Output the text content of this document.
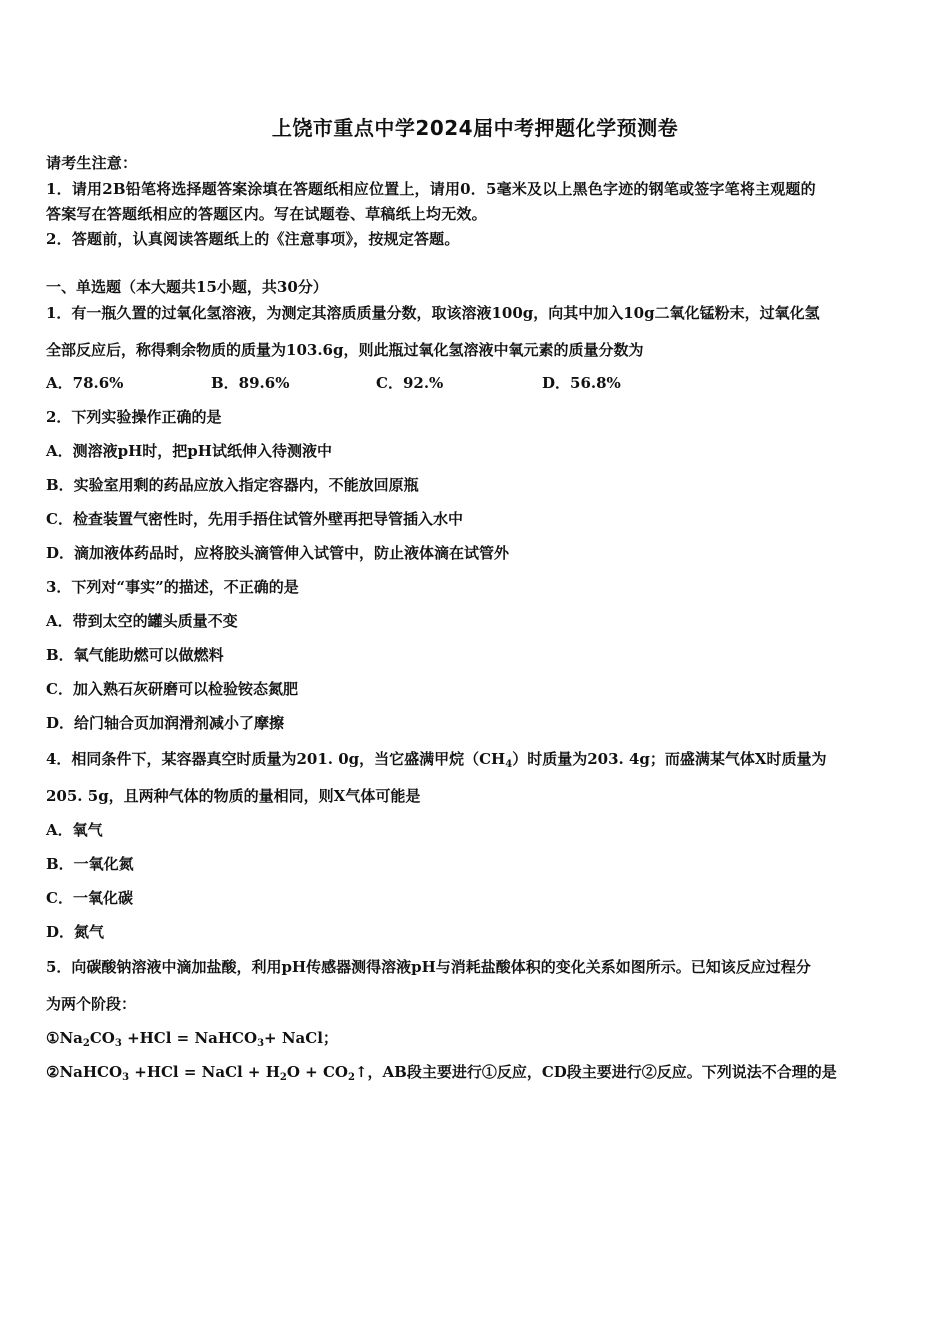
上饶市重点中学2024届中考押题化学预测卷
请考生注意：
1．请用2B铅笔将选择题答案涂填在答题纸相应位置上，请用0．5毫米及以上黑色字迹的钢笔或签字笔将主观题的
答案写在答题纸相应的答题区内。写在试题卷、草稿纸上均无效。
2．答题前，认真阅读答题纸上的《注意事项》，按规定答题。
一、单选题（本大题共15小题，共30分）
1．有一瓶久置的过氧化氢溶液，为测定其溶质质量分数，取该溶液100g，向其中加入10g二氧化锰粉末，过氧化氢
全部反应后，称得剩余物质的质量为103.6g，则此瓶过氧化氢溶液中氧元素的质量分数为
A．78.6%	B．89.6%	C．92.%	D．56.8%
2．下列实验操作正确的是
A．测溶液pH时，把pH试纸伸入待测液中
B．实验室用剩的药品应放入指定容器内，不能放回原瓶
C．检查装置气密性时，先用手捂住试管外壁再把导管插入水中
D．滴加液体药品时，应将胶头滴管伸入试管中，防止液体滴在试管外
3．下列对“事实”的描述，不正确的是
A．带到太空的罐头质量不变
B．氧气能助燃可以做燃料
C．加入熟石灰研磨可以检验铵态氮肥
D．给门轴合页加润滑剂减小了摩擦
4．相同条件下，某容器真空时质量为201. 0g，当它盛满甲烷$(CH_4)$时质量为203. 4g；而盛满某气体X时质量为
205. 5g，且两种气体的物质的量相同，则X气体可能是
A．氧气
B．一氧化氮
C．一氧化碳
D．氮气
5．向碳酸钠溶液中滴加盐酸，利用pH传感器测得溶液pH与消耗盐酸体积的变化关系如图所示。已知该反应过程分
为两个阶段：
$①Na_2CO_3 +HCl$ = NaHCO$_3$+ NaCl；
②NaHCO$_3$ +HCl = NaCl + $H_2O$ + $CO_2↑$，AB段主要进行①反应，CD段主要进行②反应。下列说法不合理的是
